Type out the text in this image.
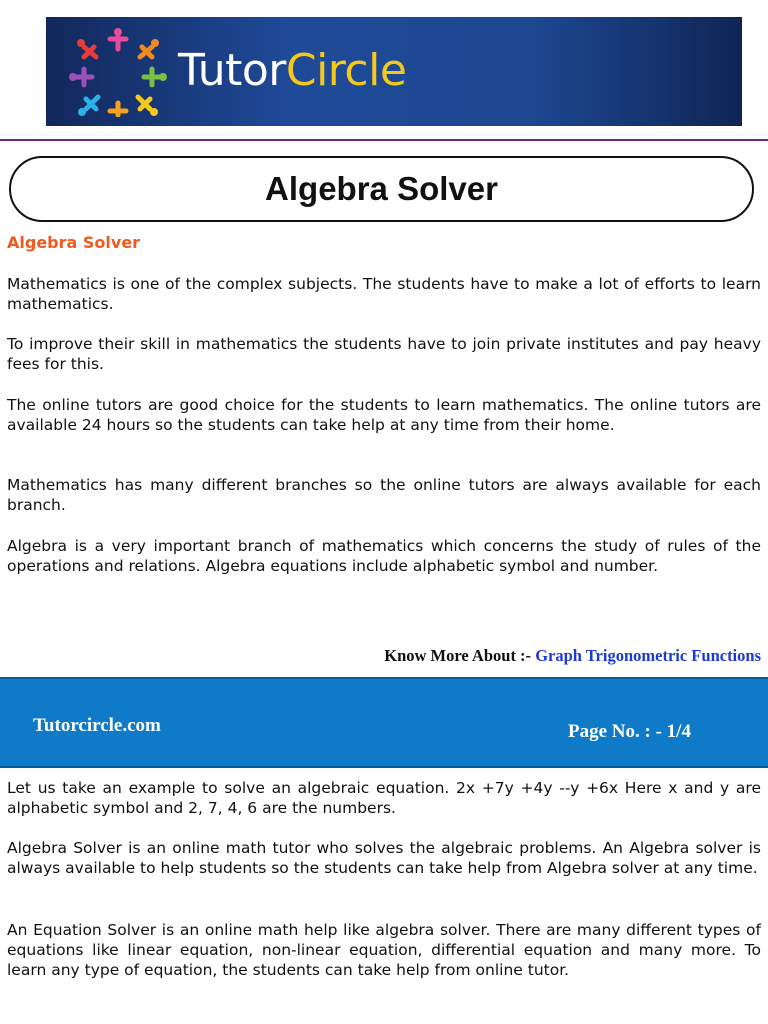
TutorCircle
Algebra Solver
Algebra Solver

Mathematics is one of the complex subjects. The students have to make a lot of efforts to learn mathematics.

To improve their skill in mathematics the students have to join private institutes and pay heavy fees for this.

The online tutors are good choice for the students to learn mathematics. The online tutors are available 24 hours so the students can take help at any time from their home.

Mathematics has many different branches so the online tutors are always available for each branch.

Algebra is a very important branch of mathematics which concerns the study of rules of the operations and relations. Algebra equations include alphabetic symbol and number.

Know More About :- Graph Trigonometric Functions
Tutorcircle.com	Page No. : - 1/4

Let us take an example to solve an algebraic equation. 2x +7y +4y --y +6x Here x and y are alphabetic symbol and 2, 7, 4, 6 are the numbers.

Algebra Solver is an online math tutor who solves the algebraic problems. An Algebra solver is always available to help students so the students can take help from Algebra solver at any time.

An Equation Solver is an online math help like algebra solver. There are many different types of equations like linear equation, non-linear equation, differential equation and many more. To learn any type of equation, the students can take help from online tutor.
